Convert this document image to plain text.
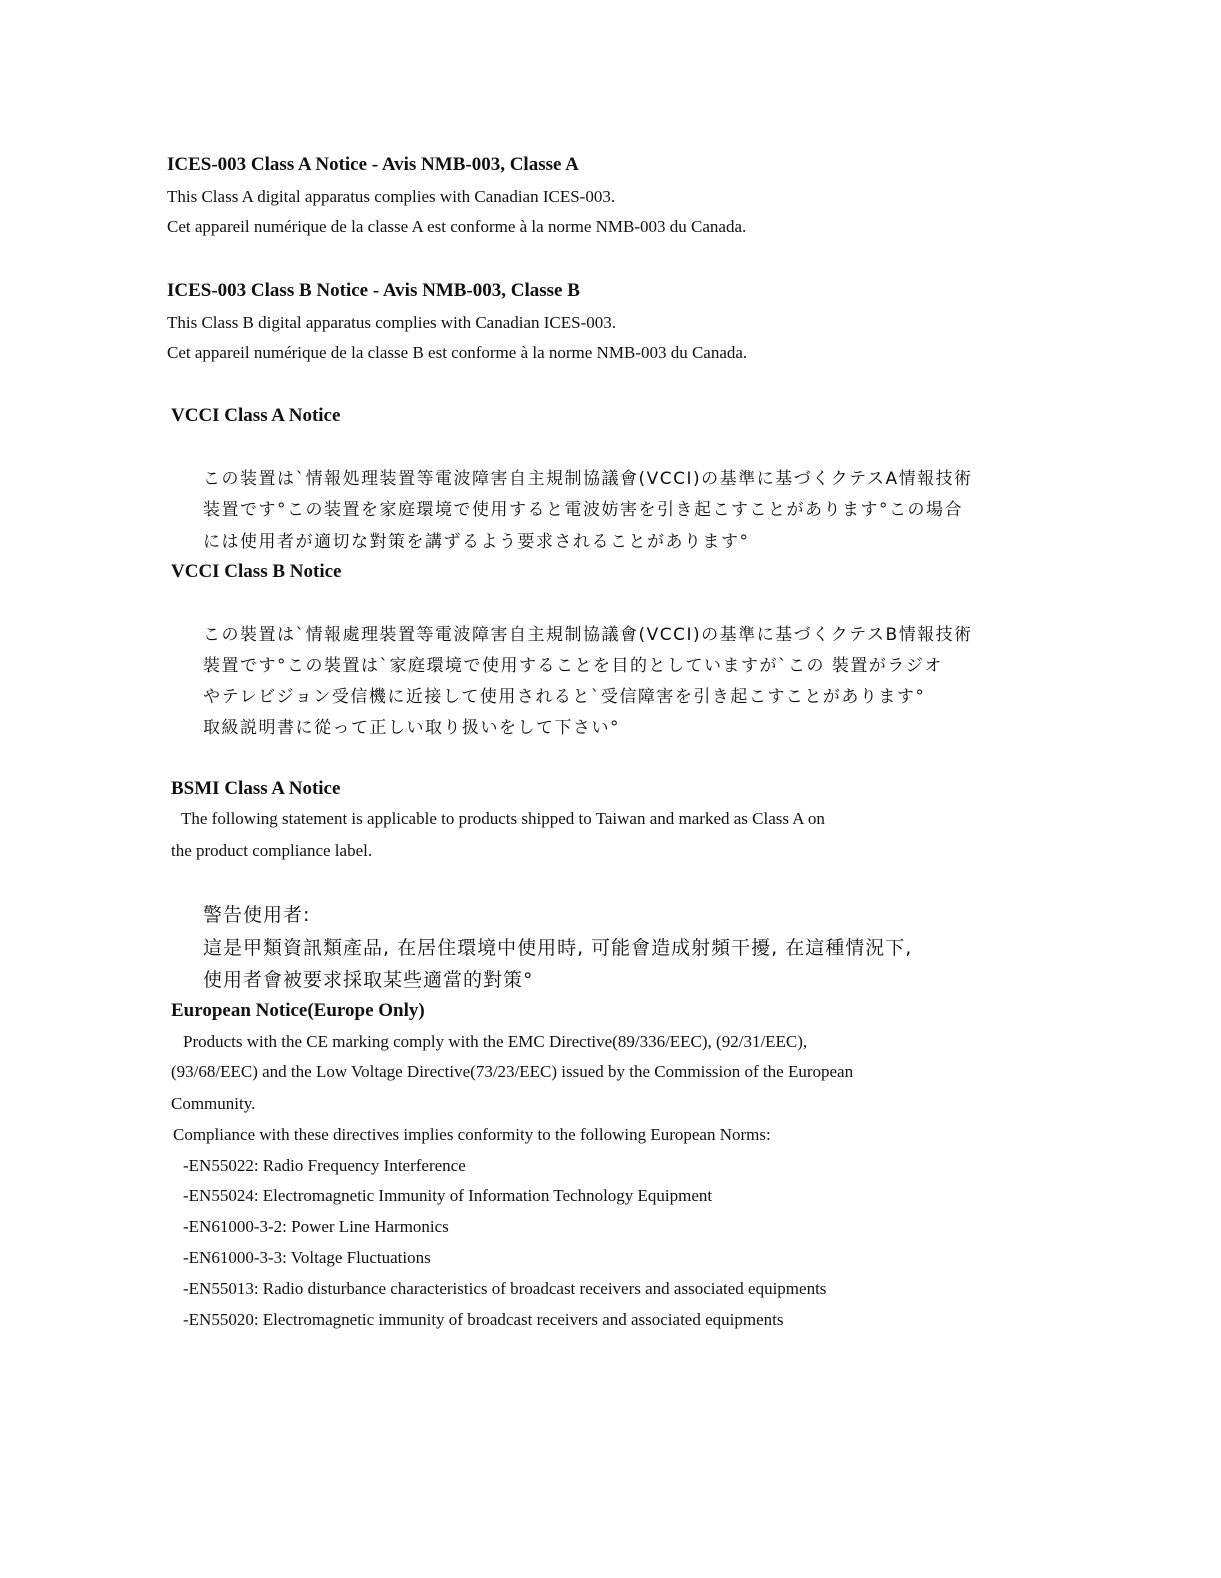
ICES-003 Class A Notice - Avis NMB-003, Classe A
This Class A digital apparatus complies with Canadian ICES-003.
Cet appareil numérique de la classe A est conforme à la norme NMB-003 du Canada.
ICES-003 Class B Notice - Avis NMB-003, Classe B
This Class B digital apparatus complies with Canadian ICES-003.
Cet appareil numérique de la classe B est conforme à la norme NMB-003 du Canada.
VCCI Class A Notice
この装置は`情報処理装置等電波障害自主規制協議會(VCCI)の基準に基づくクテスA情報技術
装置です°この装置を家庭環境で使用すると電波妨害を引き起こすことがあります°この場合
には使用者が適切な對策を講ずるよう要求されることがあります°
VCCI Class B Notice
この裝置は`情報處理裝置等電波障害自主規制協議會(VCCI)の基準に基づくクテスB情報技術
裝置です°この裝置は`家庭環境で使用することを目的としていますが`この 裝置がラジオ
やテレビジョン受信機に近接して使用されると`受信障害を引き起こすことがあります°
取級説明書に從って正しい取り扱いをして下さい°
BSMI Class A Notice
The following statement is applicable to products shipped to Taiwan and marked as Class A on
the product compliance label.
警告使用者:
這是甲類資訊類產品, 在居住環境中使用時, 可能會造成射頻干擾, 在這種情況下,
使用者會被要求採取某些適當的對策°
European Notice(Europe Only)
Products with the CE marking comply with the EMC Directive(89/336/EEC), (92/31/EEC),
(93/68/EEC) and the Low Voltage Directive(73/23/EEC) issued by the Commission of the European
Community.
Compliance with these directives implies conformity to the following European Norms:
-EN55022: Radio Frequency Interference
-EN55024: Electromagnetic Immunity of Information Technology Equipment
-EN61000-3-2: Power Line Harmonics
-EN61000-3-3: Voltage Fluctuations
-EN55013: Radio disturbance characteristics of broadcast receivers and associated equipments
-EN55020: Electromagnetic immunity of broadcast receivers and associated equipments
